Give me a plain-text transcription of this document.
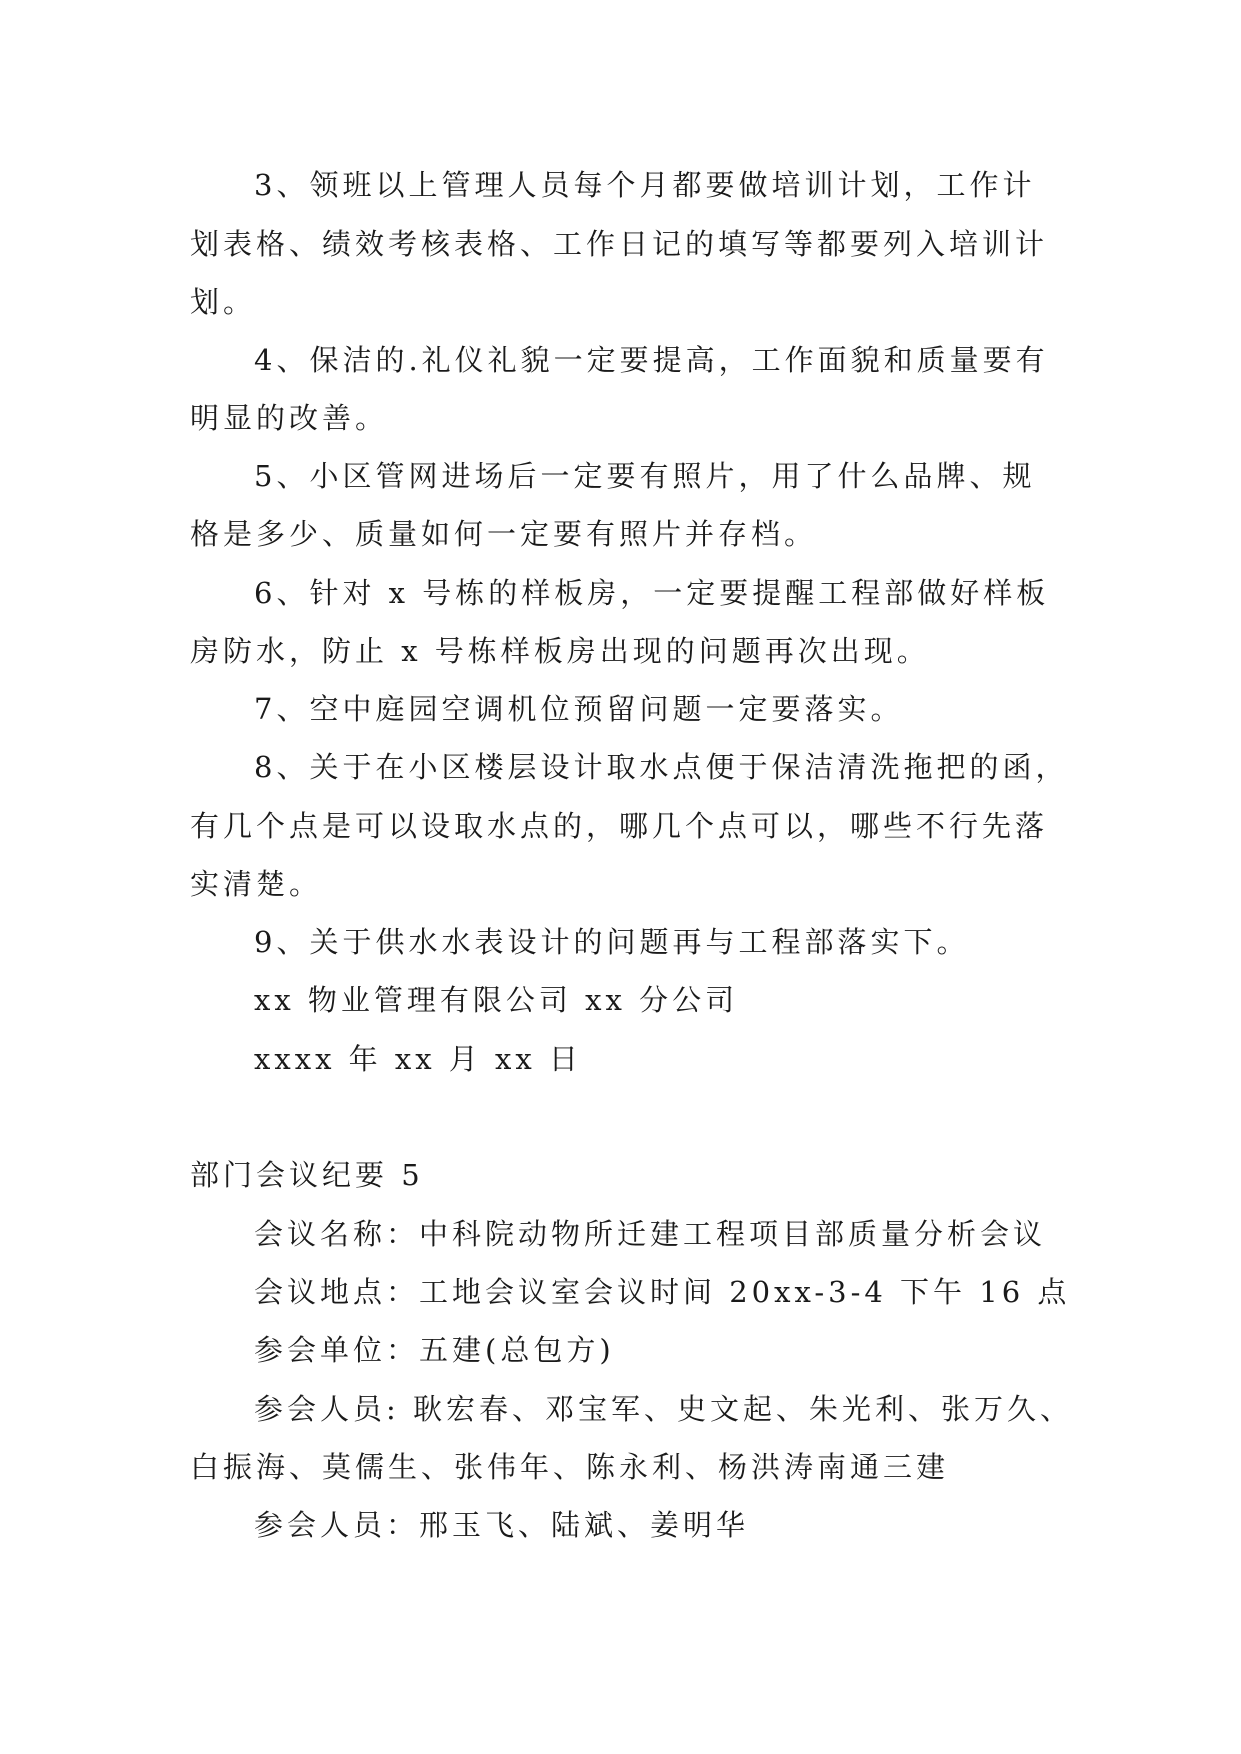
3、领班以上管理人员每个月都要做培训计划，工作计
划表格、绩效考核表格、工作日记的填写等都要列入培训计
划。
4、保洁的.礼仪礼貌一定要提高，工作面貌和质量要有
明显的改善。
5、小区管网进场后一定要有照片，用了什么品牌、规
格是多少、质量如何一定要有照片并存档。
6、针对 x 号栋的样板房，一定要提醒工程部做好样板
房防水，防止 x 号栋样板房出现的问题再次出现。
7、空中庭园空调机位预留问题一定要落实。
8、关于在小区楼层设计取水点便于保洁清洗拖把的函，
有几个点是可以设取水点的，哪几个点可以，哪些不行先落
实清楚。
9、关于供水水表设计的问题再与工程部落实下。
xx 物业管理有限公司 xx 分公司
xxxx 年 xx 月 xx 日
部门会议纪要 5
会议名称：中科院动物所迁建工程项目部质量分析会议
会议地点：工地会议室会议时间 20xx-3-4 下午 16 点
参会单位：五建(总包方)
参会人员: 耿宏春、邓宝军、史文起、朱光利、张万久、
白振海、莫儒生、张伟年、陈永利、杨洪涛南通三建
参会人员：邢玉飞、陆斌、姜明华
